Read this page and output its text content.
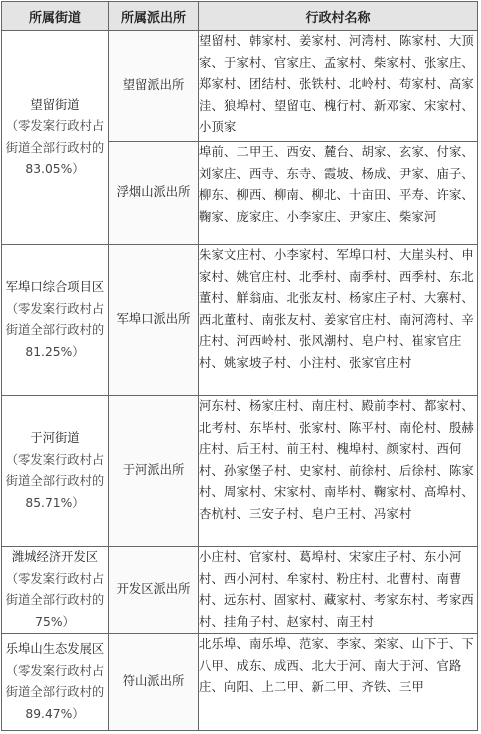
所属街道	所属派出所	行政村名称

望留街道
（零发案行政村占街道全部行政村的83.05%）	望留派出所	望留村、韩家村、姜家村、河湾村、陈家村、大顶家、于家村、官家庄、孟家村、柴家村、张家庄、郑家村、团结村、张铁村、北岭村、苟家村、高家洼、狼埠村、望留屯、槐行村、新邓家、宋家村、小顶家
	浮烟山派出所	埠前、二甲王、西安、麓台、胡家、玄家、付家、刘家庄、西寺、东寺、霞坡、杨成、尹家、庙子、柳东、柳西、柳南、柳北、十亩田、平寿、许家、鞠家、庞家庄、小李家庄、尹家庄、柴家河

军埠口综合项目区
（零发案行政村占街道全部行政村的81.25%）	军埠口派出所	朱家文庄村、小李家村、军埠口村、大崖头村、申家村、姚官庄村、北季村、南季村、西季村、东北董村、觧翁庙、北张友村、杨家庄子村、大寨村、西北董村、南张友村、姜家官庄村、南河湾村、辛庄村、河西岭村、张风潮村、皂户村、崔家官庄村、姚家坡子村、小注村、张家官庄村

于河街道
（零发案行政村占街道全部行政村的85.71%）	于河派出所	河东村、杨家庄村、南庄村、殿前李村、都家村、北考村、东毕村、张家村、陈平村、南伦村、殷赫庄村、后王村、前王村、槐埠村、颜家村、西何村、孙家堡子村、史家村、前徐村、后徐村、陈家村、周家村、宋家村、南毕村、鞠家村、高埠村、杏杭村、三安子村、皂户王村、冯家村

潍城经济开发区
（零发案行政村占街道全部行政村的75%）	开发区派出所	小庄村、官家村、葛埠村、宋家庄子村、东小河村、西小河村、牟家村、粉庄村、北曹村、南曹村、远东村、固家村、藏家村、考家东村、考家西村、挂角子村、赵家村、南王村

乐埠山生态发展区
（零发案行政村占街道全部行政村的89.47%）	符山派出所	北乐埠、南乐埠、范家、李家、栾家、山下于、下八甲、成东、成西、北大于河、南大于河、官路庄、向阳、上二甲、新二甲、齐铁、三甲
